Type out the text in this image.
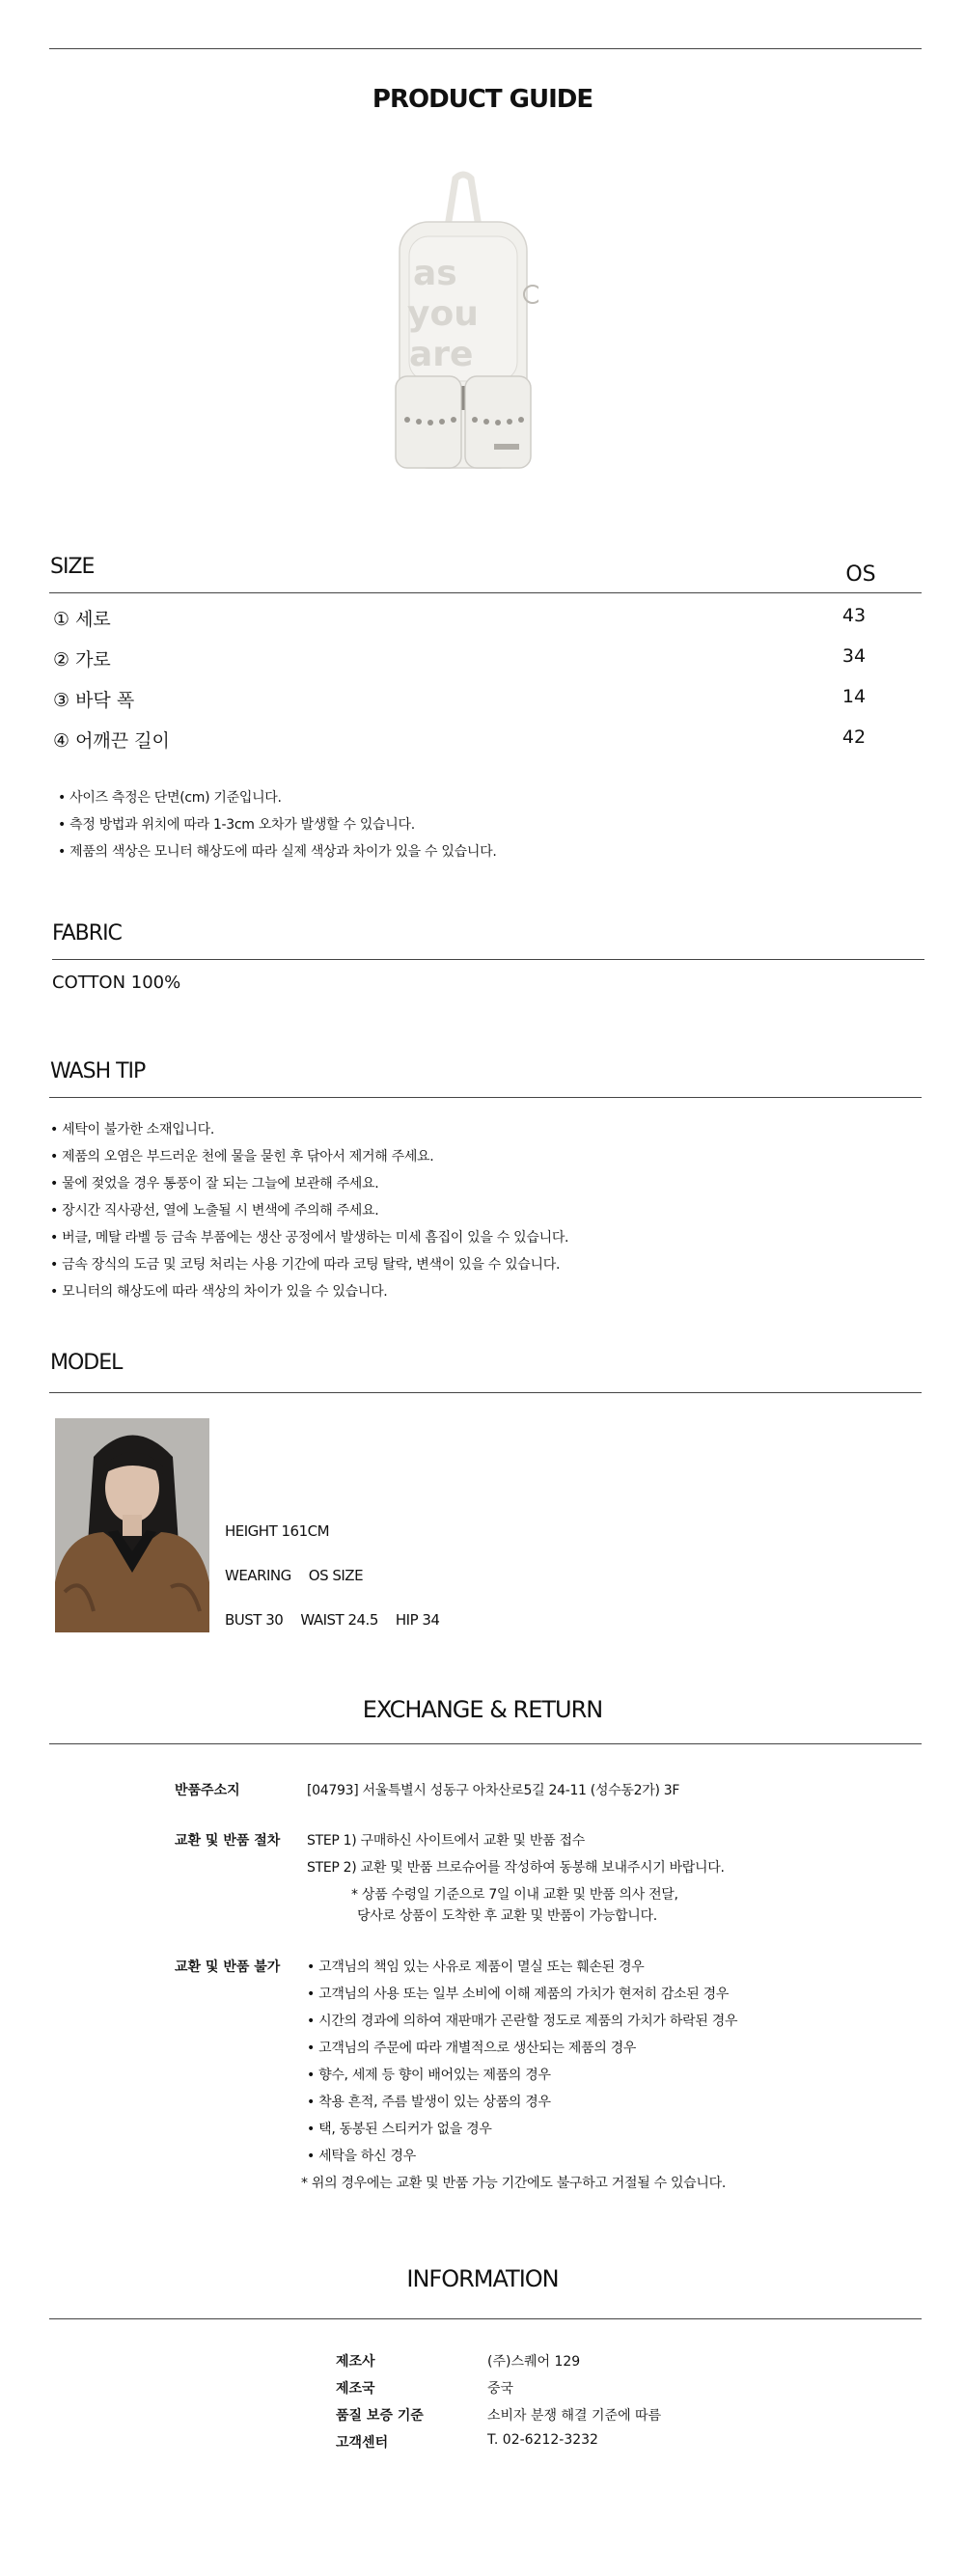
PRODUCT GUIDE
as
you
are
SIZE	OS
① 세로	43
② 가로	34
③ 바닥 폭	14
④ 어깨끈 길이	42
• 사이즈 측정은 단면(cm) 기준입니다.
• 측정 방법과 위치에 따라 1-3cm 오차가 발생할 수 있습니다.
• 제품의 색상은 모니터 해상도에 따라 실제 색상과 차이가 있을 수 있습니다.
FABRIC
COTTON 100%
WASH TIP
• 세탁이 불가한 소재입니다.
• 제품의 오염은 부드러운 천에 물을 묻힌 후 닦아서 제거해 주세요.
• 물에 젖었을 경우 통풍이 잘 되는 그늘에 보관해 주세요.
• 장시간 직사광선, 열에 노출될 시 변색에 주의해 주세요.
• 버클, 메탈 라벨 등 금속 부품에는 생산 공정에서 발생하는 미세 흠집이 있을 수 있습니다.
• 금속 장식의 도금 및 코팅 처리는 사용 기간에 따라 코팅 탈락, 변색이 있을 수 있습니다.
• 모니터의 해상도에 따라 색상의 차이가 있을 수 있습니다.
MODEL
HEIGHT 161CM
WEARING OS SIZE
BUST 30 WAIST 24.5 HIP 34
EXCHANGE & RETURN
반품주소지	[04793] 서울특별시 성동구 아차산로5길 24-11 (성수동2가) 3F
교환 및 반품 절차 STEP 1) 구매하신 사이트에서 교환 및 반품 접수
STEP 2) 교환 및 반품 브로슈어를 작성하여 동봉해 보내주시기 바랍니다.
* 상품 수령일 기준으로 7일 이내 교환 및 반품 의사 전달,
당사로 상품이 도착한 후 교환 및 반품이 가능합니다.
교환 및 반품 불가 • 고객님의 책임 있는 사유로 제품이 멸실 또는 훼손된 경우
• 고객님의 사용 또는 일부 소비에 이해 제품의 가치가 현저히 감소된 경우
• 시간의 경과에 의하여 재판매가 곤란할 정도로 제품의 가치가 하락된 경우
• 고객님의 주문에 따라 개별적으로 생산되는 제품의 경우
• 향수, 세제 등 향이 배어있는 제품의 경우
• 착용 흔적, 주름 발생이 있는 상품의 경우
• 택, 동봉된 스티커가 없을 경우
• 세탁을 하신 경우
* 위의 경우에는 교환 및 반품 가능 기간에도 불구하고 거절될 수 있습니다.
INFORMATION
제조사	(주)스퀘어 129
제조국	중국
품질 보증 기준	소비자 분쟁 해결 기준에 따름
고객센터	T. 02-6212-3232
